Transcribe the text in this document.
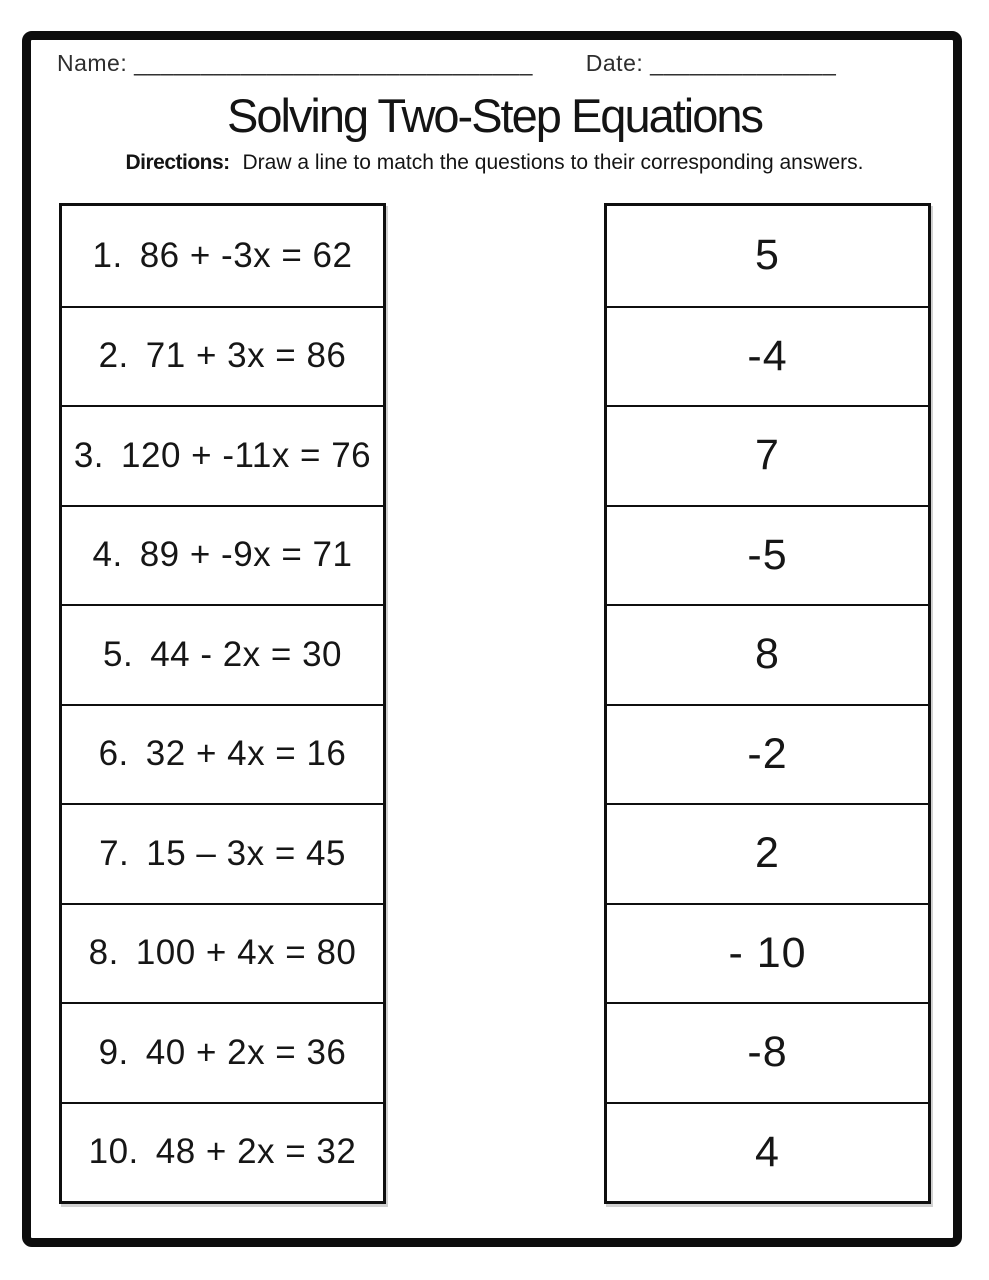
Name: ______________________________ Date: ______________
Solving Two-Step Equations
Directions: Draw a line to match the questions to their corresponding answers.
1. 86 + -3x = 62
2. 71 + 3x = 86
3. 120 + -11x = 76
4. 89 + -9x = 71
5. 44 - 2x = 30
6. 32 + 4x = 16
7. 15 – 3x = 45
8. 100 + 4x = 80
9. 40 + 2x = 36
10. 48 + 2x = 32
5
-4
7
-5
8
-2
2
- 10
-8
4
